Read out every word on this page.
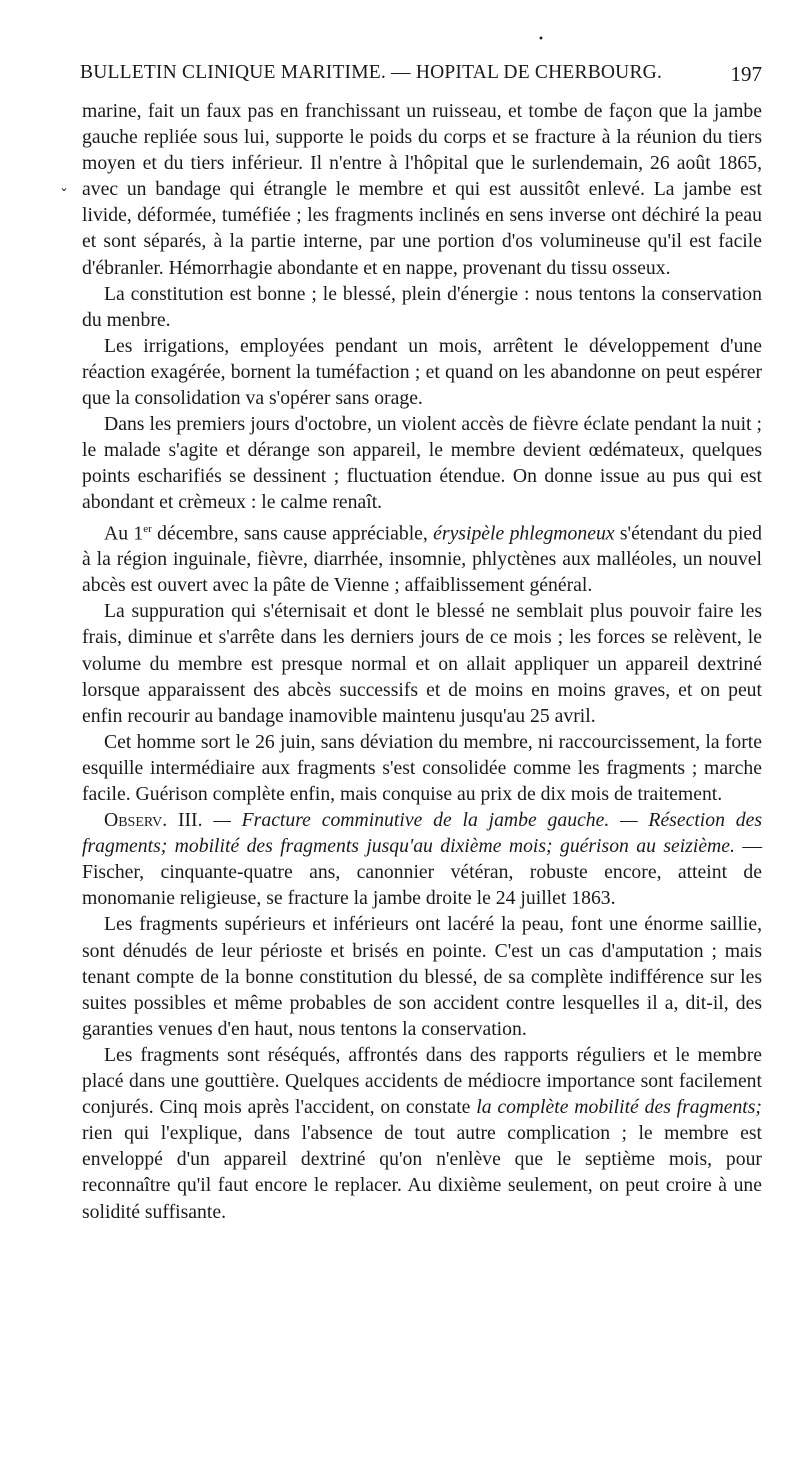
•
ˇ
BULLETIN CLINIQUE MARITIME. — HOPITAL DE CHERBOURG.	197

marine, fait un faux pas en franchissant un ruisseau, et tombe de façon que la jambe gauche repliée sous lui, supporte le poids du corps et se fracture à la réunion du tiers moyen et du tiers inférieur. Il n'entre à l'hôpital que le surlendemain, 26 août 1865, avec un bandage qui étrangle le membre et qui est aussitôt enlevé. La jambe est livide, déformée, tuméfiée ; les fragments inclinés en sens inverse ont déchiré la peau et sont séparés, à la partie interne, par une portion d'os volumineuse qu'il est facile d'ébranler. Hémorrhagie abondante et en nappe, provenant du tissu osseux.

La constitution est bonne ; le blessé, plein d'énergie : nous tentons la conservation du menbre.

Les irrigations, employées pendant un mois, arrêtent le développement d'une réaction exagérée, bornent la tuméfaction ; et quand on les abandonne on peut espérer que la consolidation va s'opérer sans orage.

Dans les premiers jours d'octobre, un violent accès de fièvre éclate pendant la nuit ; le malade s'agite et dérange son appareil, le membre devient œdémateux, quelques points escharifiés se dessinent ; fluctuation étendue. On donne issue au pus qui est abondant et crèmeux : le calme renaît.

Au 1er décembre, sans cause appréciable, érysipèle phlegmoneux s'étendant du pied à la région inguinale, fièvre, diarrhée, insomnie, phlyctènes aux malléoles, un nouvel abcès est ouvert avec la pâte de Vienne ; affaiblissement général.

La suppuration qui s'éternisait et dont le blessé ne semblait plus pouvoir faire les frais, diminue et s'arrête dans les derniers jours de ce mois ; les forces se relèvent, le volume du membre est presque normal et on allait appliquer un appareil dextriné lorsque apparaissent des abcès successifs et de moins en moins graves, et on peut enfin recourir au bandage inamovible maintenu jusqu'au 25 avril.

Cet homme sort le 26 juin, sans déviation du membre, ni raccourcissement, la forte esquille intermédiaire aux fragments s'est consolidée comme les fragments ; marche facile. Guérison complète enfin, mais conquise au prix de dix mois de traitement.

Observ. III. — Fracture comminutive de la jambe gauche. — Résection des fragments; mobilité des fragments jusqu'au dixième mois; guérison au seizième. — Fischer, cinquante-quatre ans, canonnier vétéran, robuste encore, atteint de monomanie religieuse, se fracture la jambe droite le 24 juillet 1863.

Les fragments supérieurs et inférieurs ont lacéré la peau, font une énorme saillie, sont dénudés de leur périoste et brisés en pointe. C'est un cas d'amputation ; mais tenant compte de la bonne constitution du blessé, de sa complète indifférence sur les suites possibles et même probables de son accident contre lesquelles il a, dit-il, des garanties venues d'en haut, nous tentons la conservation.

Les fragments sont réséqués, affrontés dans des rapports réguliers et le membre placé dans une gouttière. Quelques accidents de médiocre importance sont facilement conjurés. Cinq mois après l'accident, on constate la complète mobilité des fragments; rien qui l'explique, dans l'absence de tout autre complication ; le membre est enveloppé d'un appareil dextriné qu'on n'enlève que le septième mois, pour reconnaître qu'il faut encore le replacer. Au dixième seulement, on peut croire à une solidité suffisante.
